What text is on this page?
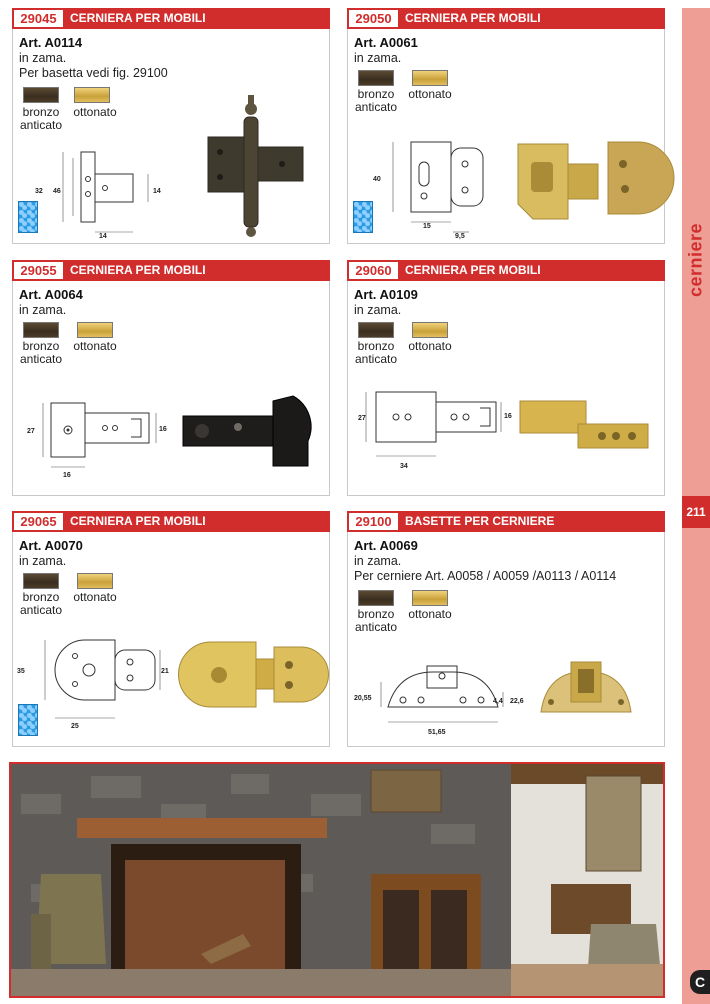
cerniere
211
C
29045	CERNIERA PER MOBILI
Art. A0114
in zama.
Per basetta vedi fig. 29100
bronzo
anticato
ottonato
32 46	14
14
29050	CERNIERA PER MOBILI
Art. A0061
in zama.
bronzo
anticato
ottonato
40
15
9,5
29055	CERNIERA PER MOBILI
Art. A0064
in zama.
bronzo
anticato
ottonato
27	16
16
29060	CERNIERA PER MOBILI
Art. A0109
in zama.
bronzo
anticato
ottonato
27	16
34
29065	CERNIERA PER MOBILI
Art. A0070
in zama.
bronzo
anticato
ottonato
35	21
25
29100	BASETTE PER CERNIERE
Art. A0069
in zama.
Per cerniere Art. A0058 / A0059 /A0113 / A0114
bronzo
anticato
ottonato
20,55	4,4 22,6
51,65
